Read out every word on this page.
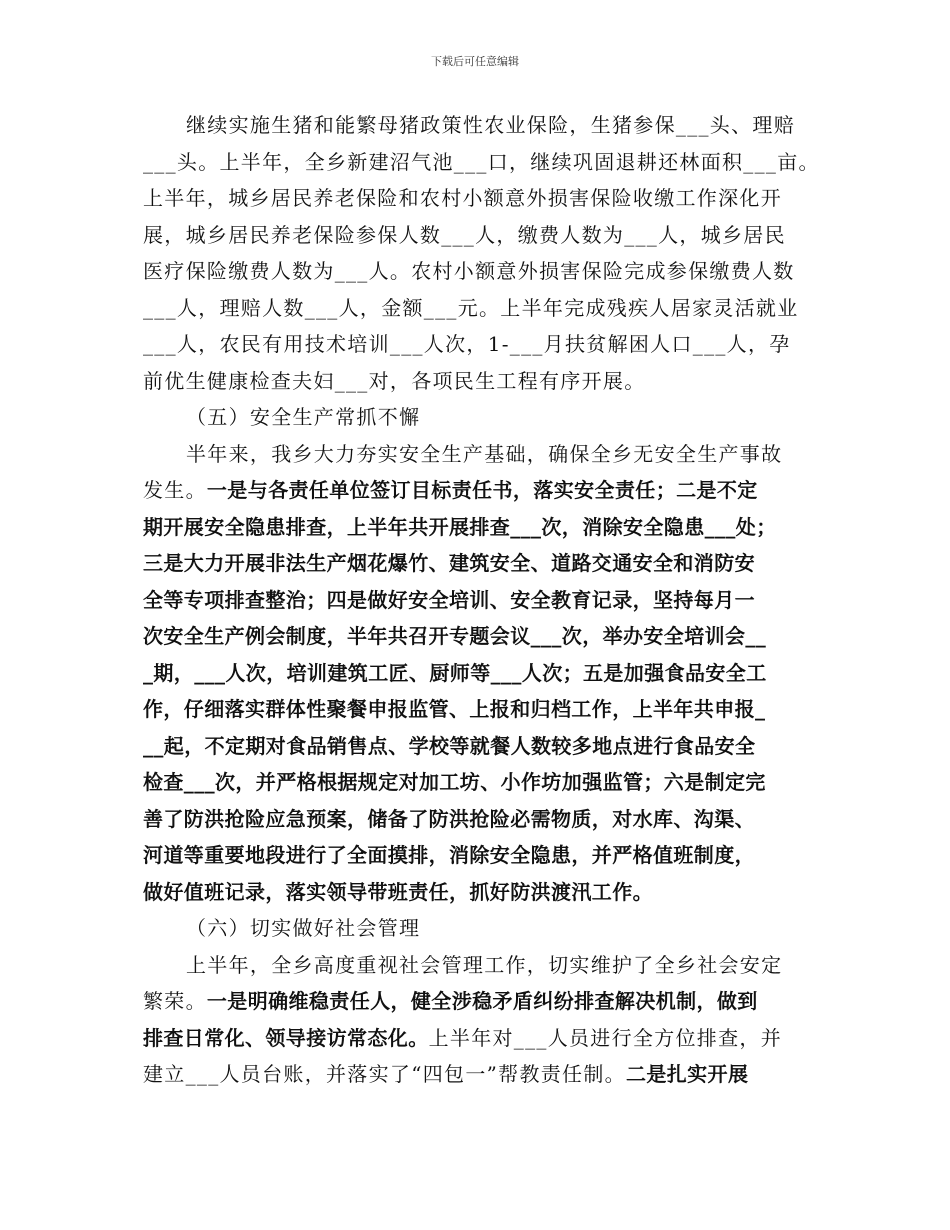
下载后可任意编辑
继续实施生猪和能繁母猪政策性农业保险，生猪参保___头、理赔
___头。上半年，全乡新建沼气池___口，继续巩固退耕还林面积___亩。
上半年，城乡居民养老保险和农村小额意外损害保险收缴工作深化开
展，城乡居民养老保险参保人数___人，缴费人数为___人，城乡居民
医疗保险缴费人数为___人。农村小额意外损害保险完成参保缴费人数
___人，理赔人数___人，金额___元。上半年完成残疾人居家灵活就业
___人，农民有用技术培训___人次，1-___月扶贫解困人口___人，孕
前优生健康检查夫妇___对，各项民生工程有序开展。
（五）安全生产常抓不懈
半年来，我乡大力夯实安全生产基础，确保全乡无安全生产事故
发生。一是与各责任单位签订目标责任书，落实安全责任；二是不定
期开展安全隐患排查，上半年共开展排查___次，消除安全隐患___处；
三是大力开展非法生产烟花爆竹、建筑安全、道路交通安全和消防安
全等专项排查整治；四是做好安全培训、安全教育记录，坚持每月一
次安全生产例会制度，半年共召开专题会议___次，举办安全培训会__
_期，___人次，培训建筑工匠、厨师等___人次；五是加强食品安全工
作，仔细落实群体性聚餐申报监管、上报和归档工作，上半年共申报_
__起，不定期对食品销售点、学校等就餐人数较多地点进行食品安全
检查___次，并严格根据规定对加工坊、小作坊加强监管；六是制定完
善了防洪抢险应急预案，储备了防洪抢险必需物质，对水库、沟渠、
河道等重要地段进行了全面摸排，消除安全隐患，并严格值班制度，
做好值班记录，落实领导带班责任，抓好防洪渡汛工作。
（六）切实做好社会管理
上半年，全乡高度重视社会管理工作，切实维护了全乡社会安定
繁荣。一是明确维稳责任人，健全涉稳矛盾纠纷排查解决机制，做到
排查日常化、领导接访常态化。上半年对___人员进行全方位排查，并
建立___人员台账，并落实了“四包一”帮教责任制。二是扎实开展
